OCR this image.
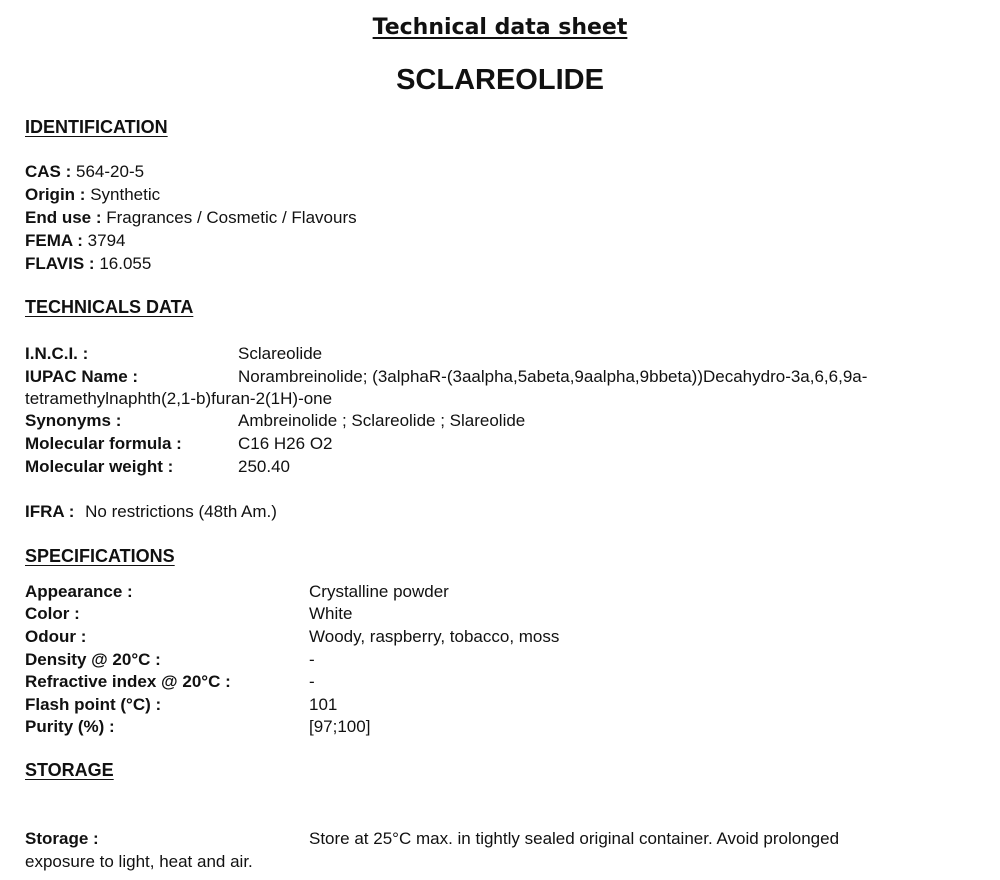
Technical data sheet
SCLAREOLIDE
IDENTIFICATION
CAS : 564-20-5
Origin : Synthetic
End use : Fragrances / Cosmetic / Flavours
FEMA : 3794
FLAVIS : 16.055
TECHNICALS DATA
I.N.C.I. :	Sclareolide
IUPAC Name :	Norambreinolide; (3alphaR-(3aalpha,5abeta,9aalpha,9bbeta))Decahydro-3a,6,6,9a-
tetramethylnaphth(2,1-b)furan-2(1H)-one
Synonyms :	Ambreinolide ; Sclareolide ; Slareolide
Molecular formula :	C16 H26 O2
Molecular weight :	250.40
IFRA : No restrictions (48th Am.)
SPECIFICATIONS
Appearance :	Crystalline powder
Color :	White
Odour :	Woody, raspberry, tobacco, moss
Density @ 20°C :	-
Refractive index @ 20°C :	-
Flash point (°C) :	101
Purity (%) :	[97;100]
STORAGE
Storage :	Store at 25°C max. in tightly sealed original container. Avoid prolonged
exposure to light, heat and air.
